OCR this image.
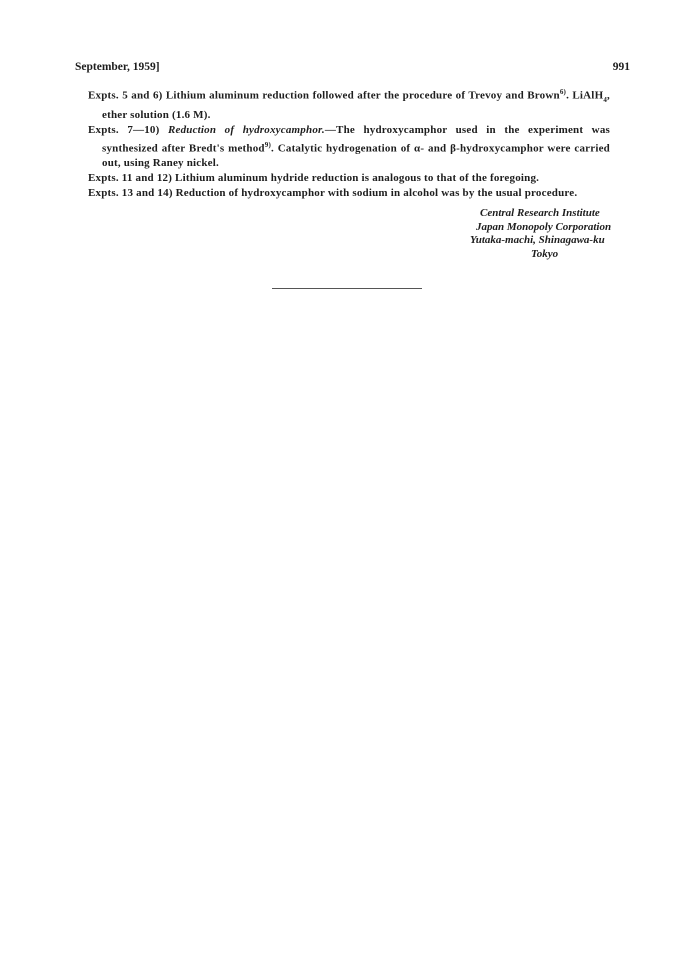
September, 1959]	991

Expts. 5 and 6) Lithium aluminum reduction followed after the procedure of Trevoy and Brown$^{6)}$. LiAlH$_4$, ether solution (1.6 M).

Expts. 7—10) Reduction of hydroxycamphor.—The hydroxycamphor used in the experiment was synthesized after Bredt's method$^{9)}$. Catalytic hydrogenation of α- and β-hydroxycamphor were carried out, using Raney nickel.

Expts. 11 and 12) Lithium aluminum hydride reduction is analogous to that of the foregoing.

Expts. 13 and 14) Reduction of hydroxycamphor with sodium in alcohol was by the usual procedure.

Central Research Institute
Japan Monopoly Corporation
Yutaka-machi, Shinagawa-ku
Tokyo
